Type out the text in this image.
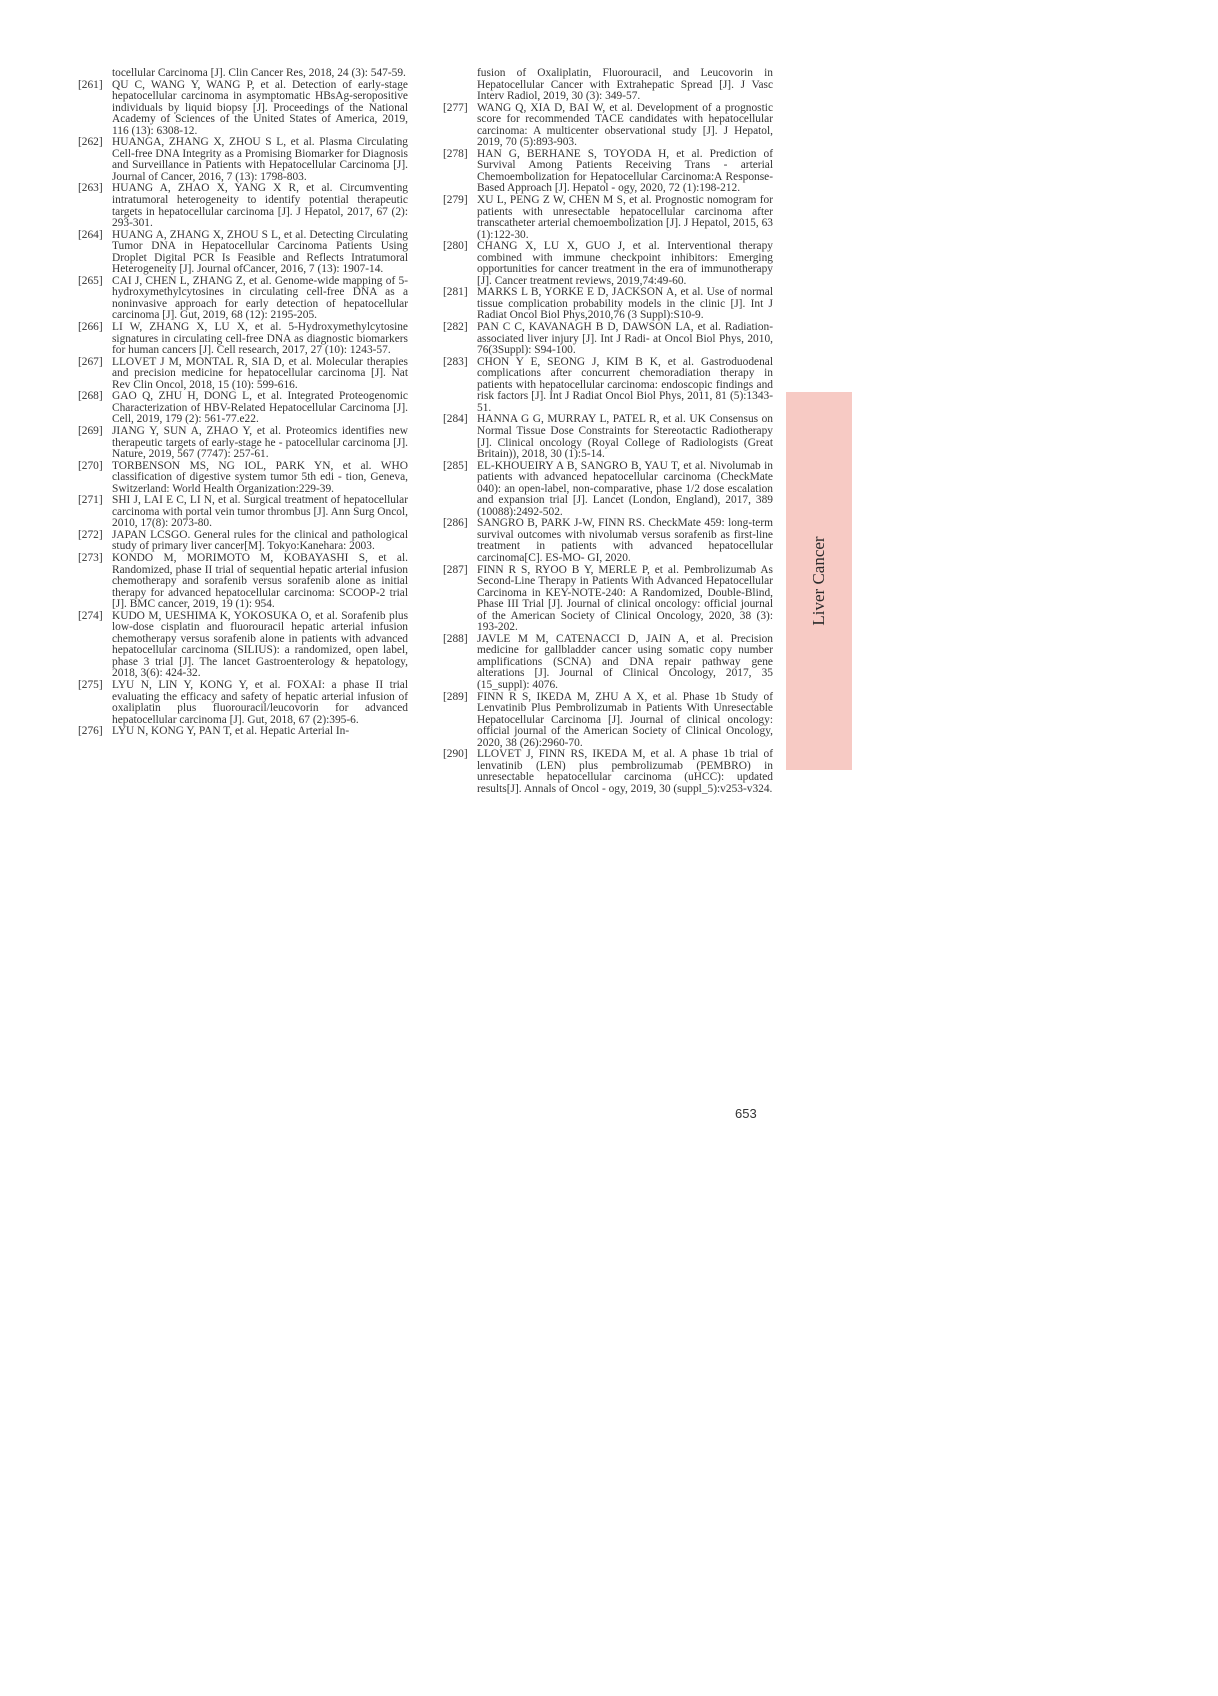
tocellular Carcinoma [J]. Clin Cancer Res, 2018, 24 (3): 547-59.
[261] QU C, WANG Y, WANG P, et al. Detection of early-stage hepatocellular carcinoma in asymptomatic HBsAg-seropositive individuals by liquid biopsy [J]. Proceedings of the National Academy of Sciences of the United States of America, 2019, 116 (13): 6308-12.
[262] HUANGA, ZHANG X, ZHOU S L, et al. Plasma Circulating Cell-free DNA Integrity as a Promising Biomarker for Diagnosis and Surveillance in Patients with Hepatocellular Carcinoma [J]. Journal of Cancer, 2016, 7 (13): 1798-803.
[263] HUANG A, ZHAO X, YANG X R, et al. Circumventing intratumoral heterogeneity to identify potential therapeutic targets in hepatocellular carcinoma [J]. J Hepatol, 2017, 67 (2): 293-301.
[264] HUANG A, ZHANG X, ZHOU S L, et al. Detecting Circulating Tumor DNA in Hepatocellular Carcinoma Patients Using Droplet Digital PCR Is Feasible and Reflects Intratumoral Heterogeneity [J]. Journal ofCancer, 2016, 7 (13): 1907-14.
[265] CAI J, CHEN L, ZHANG Z, et al. Genome-wide mapping of 5-hydroxymethylcytosines in circulating cell-free DNA as a noninvasive approach for early detection of hepatocellular carcinoma [J]. Gut, 2019, 68 (12): 2195-205.
[266] LI W, ZHANG X, LU X, et al. 5-Hydroxymethylcytosine signatures in circulating cell-free DNA as diagnostic biomarkers for human cancers [J]. Cell research, 2017, 27 (10): 1243-57.
[267] LLOVET J M, MONTAL R, SIA D, et al. Molecular therapies and precision medicine for hepatocellular carcinoma [J]. Nat Rev Clin Oncol, 2018, 15 (10): 599-616.
[268] GAO Q, ZHU H, DONG L, et al. Integrated Proteogenomic Characterization of HBV-Related Hepatocellular Carcinoma [J]. Cell, 2019, 179 (2): 561-77.e22.
[269] JIANG Y, SUN A, ZHAO Y, et al. Proteomics identifies new therapeutic targets of early-stage he - patocellular carcinoma [J]. Nature, 2019, 567 (7747): 257-61.
[270] TORBENSON MS, NG IOL, PARK YN, et al. WHO classification of digestive system tumor 5th edi - tion, Geneva, Switzerland: World Health Organization:229-39.
[271] SHI J, LAI E C, LI N, et al. Surgical treatment of hepatocellular carcinoma with portal vein tumor thrombus [J]. Ann Surg Oncol, 2010, 17(8): 2073-80.
[272] JAPAN LCSGO. General rules for the clinical and pathological study of primary liver cancer[M]. Tokyo:Kanehara: 2003.
[273] KONDO M, MORIMOTO M, KOBAYASHI S, et al. Randomized, phase II trial of sequential hepatic arterial infusion chemotherapy and sorafenib versus sorafenib alone as initial therapy for advanced hepatocellular carcinoma: SCOOP-2 trial [J]. BMC cancer, 2019, 19 (1): 954.
[274] KUDO M, UESHIMA K, YOKOSUKA O, et al. Sorafenib plus low-dose cisplatin and fluorouracil hepatic arterial infusion chemotherapy versus sorafenib alone in patients with advanced hepatocellular carcinoma (SILIUS): a randomized, open label, phase 3 trial [J]. The lancet Gastroenterology & hepatology, 2018, 3(6): 424-32.
[275] LYU N, LIN Y, KONG Y, et al. FOXAI: a phase II trial evaluating the efficacy and safety of hepatic arterial infusion of oxaliplatin plus fluorouracil/leucovorin for advanced hepatocellular carcinoma [J]. Gut, 2018, 67 (2):395-6.
[276] LYU N, KONG Y, PAN T, et al. Hepatic Arterial In-
fusion of Oxaliplatin, Fluorouracil, and Leucovorin in Hepatocellular Cancer with Extrahepatic Spread [J]. J Vasc Interv Radiol, 2019, 30 (3): 349-57.
[277] WANG Q, XIA D, BAI W, et al. Development of a prognostic score for recommended TACE candidates with hepatocellular carcinoma: A multicenter observational study [J]. J Hepatol, 2019, 70 (5):893-903.
[278] HAN G, BERHANE S, TOYODA H, et al. Prediction of Survival Among Patients Receiving Trans - arterial Chemoembolization for Hepatocellular Carcinoma:A Response-Based Approach [J]. Hepatol - ogy, 2020, 72 (1):198-212.
[279] XU L, PENG Z W, CHEN M S, et al. Prognostic nomogram for patients with unresectable hepatocellular carcinoma after transcatheter arterial chemoembolization [J]. J Hepatol, 2015, 63 (1):122-30.
[280] CHANG X, LU X, GUO J, et al. Interventional therapy combined with immune checkpoint inhibitors: Emerging opportunities for cancer treatment in the era of immunotherapy [J]. Cancer treatment reviews, 2019,74:49-60.
[281] MARKS L B, YORKE E D, JACKSON A, et al. Use of normal tissue complication probability models in the clinic [J]. Int J Radiat Oncol Biol Phys,2010,76 (3 Suppl):S10-9.
[282] PAN C C, KAVANAGH B D, DAWSON LA, et al. Radiation-associated liver injury [J]. Int J Radi- at Oncol Biol Phys, 2010, 76(3Suppl): S94-100.
[283] CHON Y E, SEONG J, KIM B K, et al. Gastroduodenal complications after concurrent chemoradiation therapy in patients with hepatocellular carcinoma: endoscopic findings and risk factors [J]. Int J Radiat Oncol Biol Phys, 2011, 81 (5):1343-51.
[284] HANNA G G, MURRAY L, PATEL R, et al. UK Consensus on Normal Tissue Dose Constraints for Stereotactic Radiotherapy [J]. Clinical oncology (Royal College of Radiologists (Great Britain)), 2018, 30 (1):5-14.
[285] EL-KHOUEIRY A B, SANGRO B, YAU T, et al. Nivolumab in patients with advanced hepatocellular carcinoma (CheckMate 040): an open-label, non-comparative, phase 1/2 dose escalation and expansion trial [J]. Lancet (London, England), 2017, 389 (10088):2492-502.
[286] SANGRO B, PARK J-W, FINN RS. CheckMate 459: long-term survival outcomes with nivolumab versus sorafenib as first-line treatment in patients with advanced hepatocellular carcinoma[C]. ES-MO- GI, 2020.
[287] FINN R S, RYOO B Y, MERLE P, et al. Pembrolizumab As Second-Line Therapy in Patients With Advanced Hepatocellular Carcinoma in KEY-NOTE-240: A Randomized, Double-Blind, Phase III Trial [J]. Journal of clinical oncology: official journal of the American Society of Clinical Oncology, 2020, 38 (3): 193-202.
[288] JAVLE M M, CATENACCI D, JAIN A, et al. Precision medicine for gallbladder cancer using somatic copy number amplifications (SCNA) and DNA repair pathway gene alterations [J]. Journal of Clinical Oncology, 2017, 35 (15_suppl): 4076.
[289] FINN R S, IKEDA M, ZHU A X, et al. Phase 1b Study of Lenvatinib Plus Pembrolizumab in Patients With Unresectable Hepatocellular Carcinoma [J]. Journal of clinical oncology: official journal of the American Society of Clinical Oncology, 2020, 38 (26):2960-70.
[290] LLOVET J, FINN RS, IKEDA M, et al. A phase 1b trial of lenvatinib (LEN) plus pembrolizumab (PEMBRO) in unresectable hepatocellular carcinoma (uHCC): updated results[J]. Annals of Oncol - ogy, 2019, 30 (suppl_5):v253-v324.
Liver Cancer
653
